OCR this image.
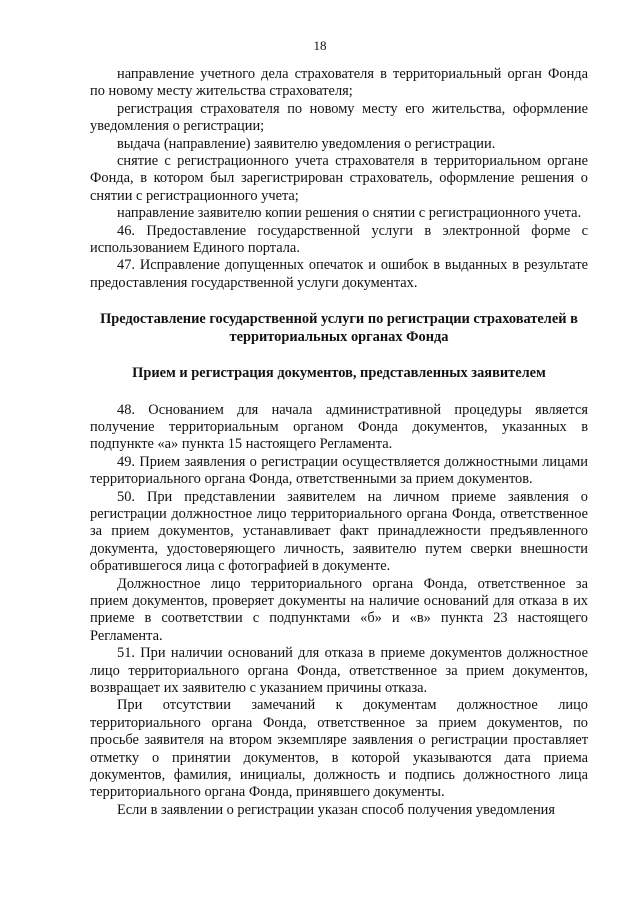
18

направление учетного дела страхователя в территориальный орган Фонда по новому месту жительства страхователя;

регистрация страхователя по новому месту его жительства, оформление уведомления о регистрации;

выдача (направление) заявителю уведомления о регистрации.

снятие с регистрационного учета страхователя в территориальном органе Фонда, в котором был зарегистрирован страхователь, оформление решения о снятии с регистрационного учета;

направление заявителю копии решения о снятии с регистрационного учета.

46. Предоставление государственной услуги в электронной форме с использованием Единого портала.

47. Исправление допущенных опечаток и ошибок в выданных в результате предоставления государственной услуги документах.

Предоставление государственной услуги по регистрации страхователей в территориальных органах Фонда
Прием и регистрация документов, представленных заявителем

48. Основанием для начала административной процедуры является получение территориальным органом Фонда документов, указанных в подпункте «а» пункта 15 настоящего Регламента.

49. Прием заявления о регистрации осуществляется должностными лицами территориального органа Фонда, ответственными за прием документов.

50. При представлении заявителем на личном приеме заявления о регистрации должностное лицо территориального органа Фонда, ответственное за прием документов, устанавливает факт принадлежности предъявленного документа, удостоверяющего личность, заявителю путем сверки внешности обратившегося лица с фотографией в документе.

Должностное лицо территориального органа Фонда, ответственное за прием документов, проверяет документы на наличие оснований для отказа в их приеме в соответствии с подпунктами «б» и «в» пункта 23 настоящего Регламента.

51. При наличии оснований для отказа в приеме документов должностное лицо территориального органа Фонда, ответственное за прием документов, возвращает их заявителю с указанием причины отказа.

При отсутствии замечаний к документам должностное лицо территориального органа Фонда, ответственное за прием документов, по просьбе заявителя на втором экземпляре заявления о регистрации проставляет отметку о принятии документов, в которой указываются дата приема документов, фамилия, инициалы, должность и подпись должностного лица территориального органа Фонда, принявшего документы.

Если в заявлении о регистрации указан способ получения уведомления
